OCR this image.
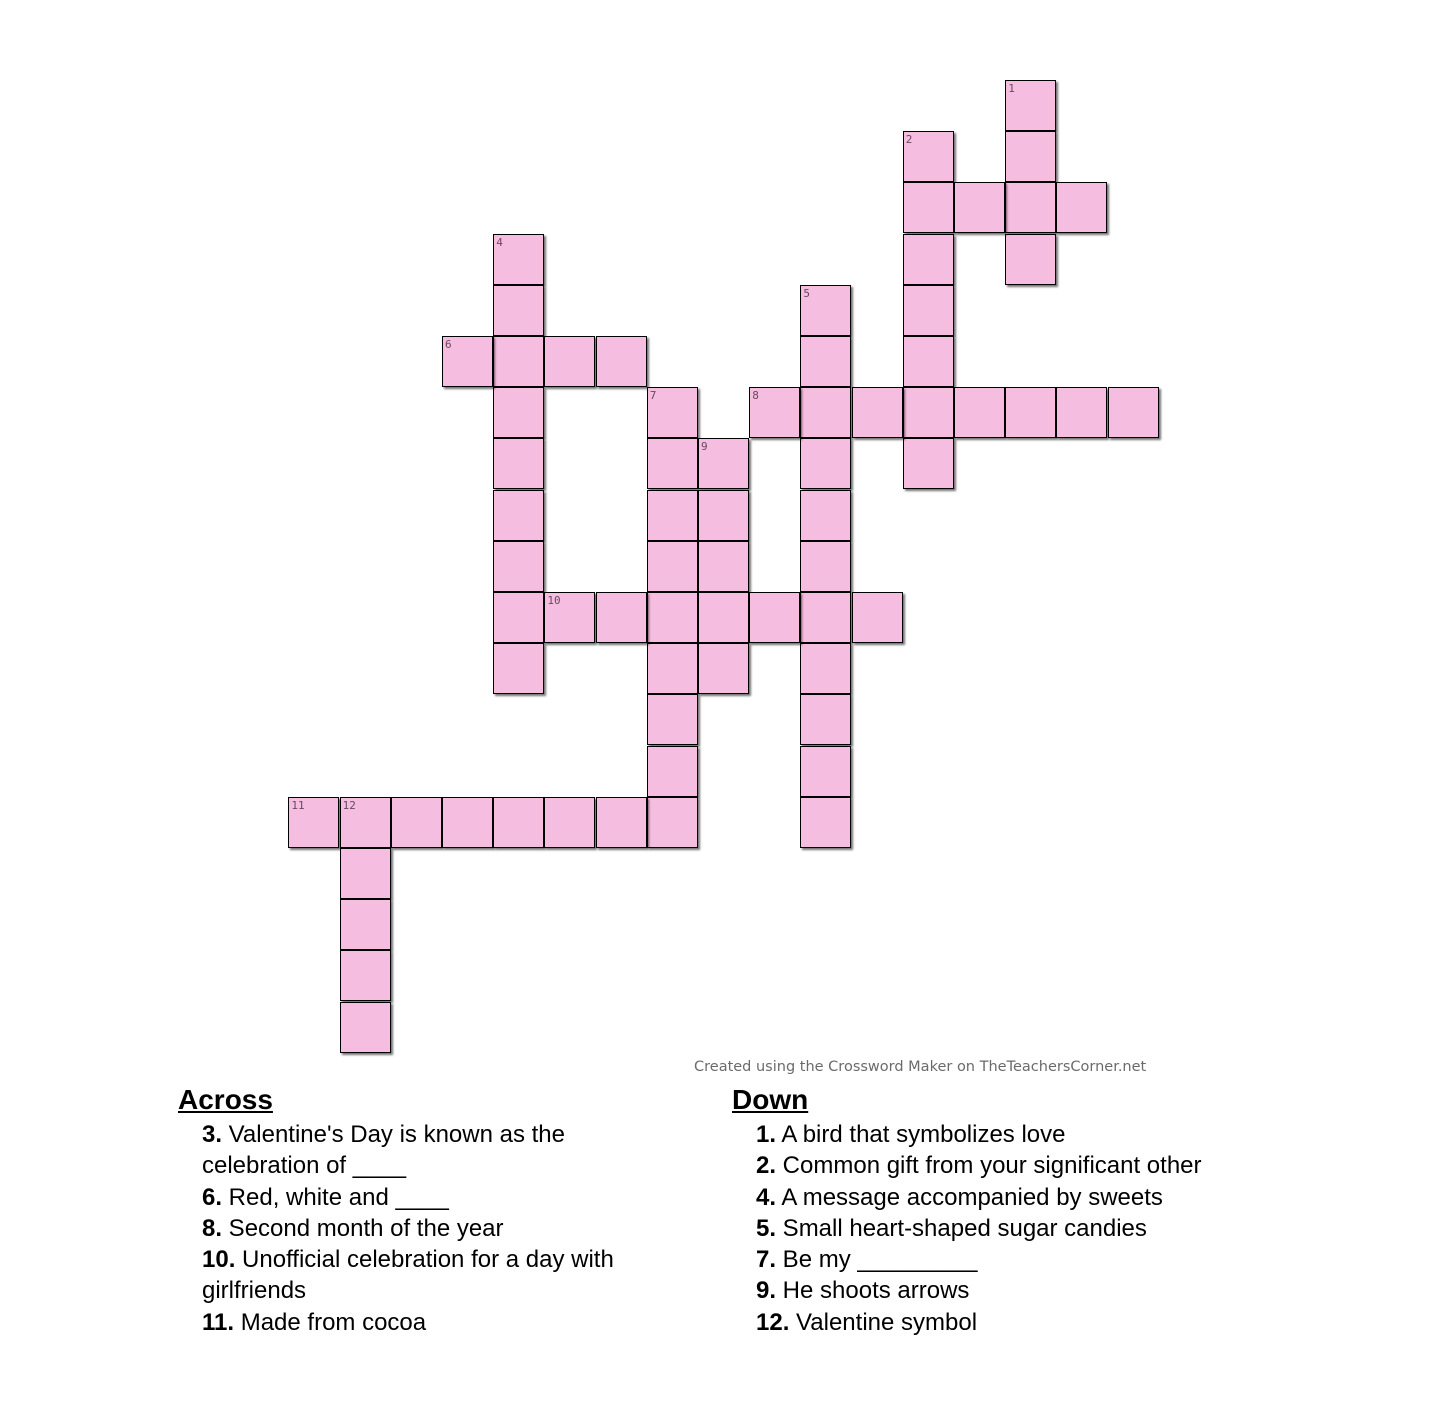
1
2
4
6
5
8
7
9
10
11	12
Created using the Crossword Maker on TheTeachersCorner.net
Across
3. Valentine's Day is known as the celebration of ____
6. Red, white and ____
8. Second month of the year
10. Unofficial celebration for a day with girlfriends
11. Made from cocoa
Down
1. A bird that symbolizes love
2. Common gift from your significant other
4. A message accompanied by sweets
5. Small heart-shaped sugar candies
7. Be my _________
9. He shoots arrows
12. Valentine symbol
